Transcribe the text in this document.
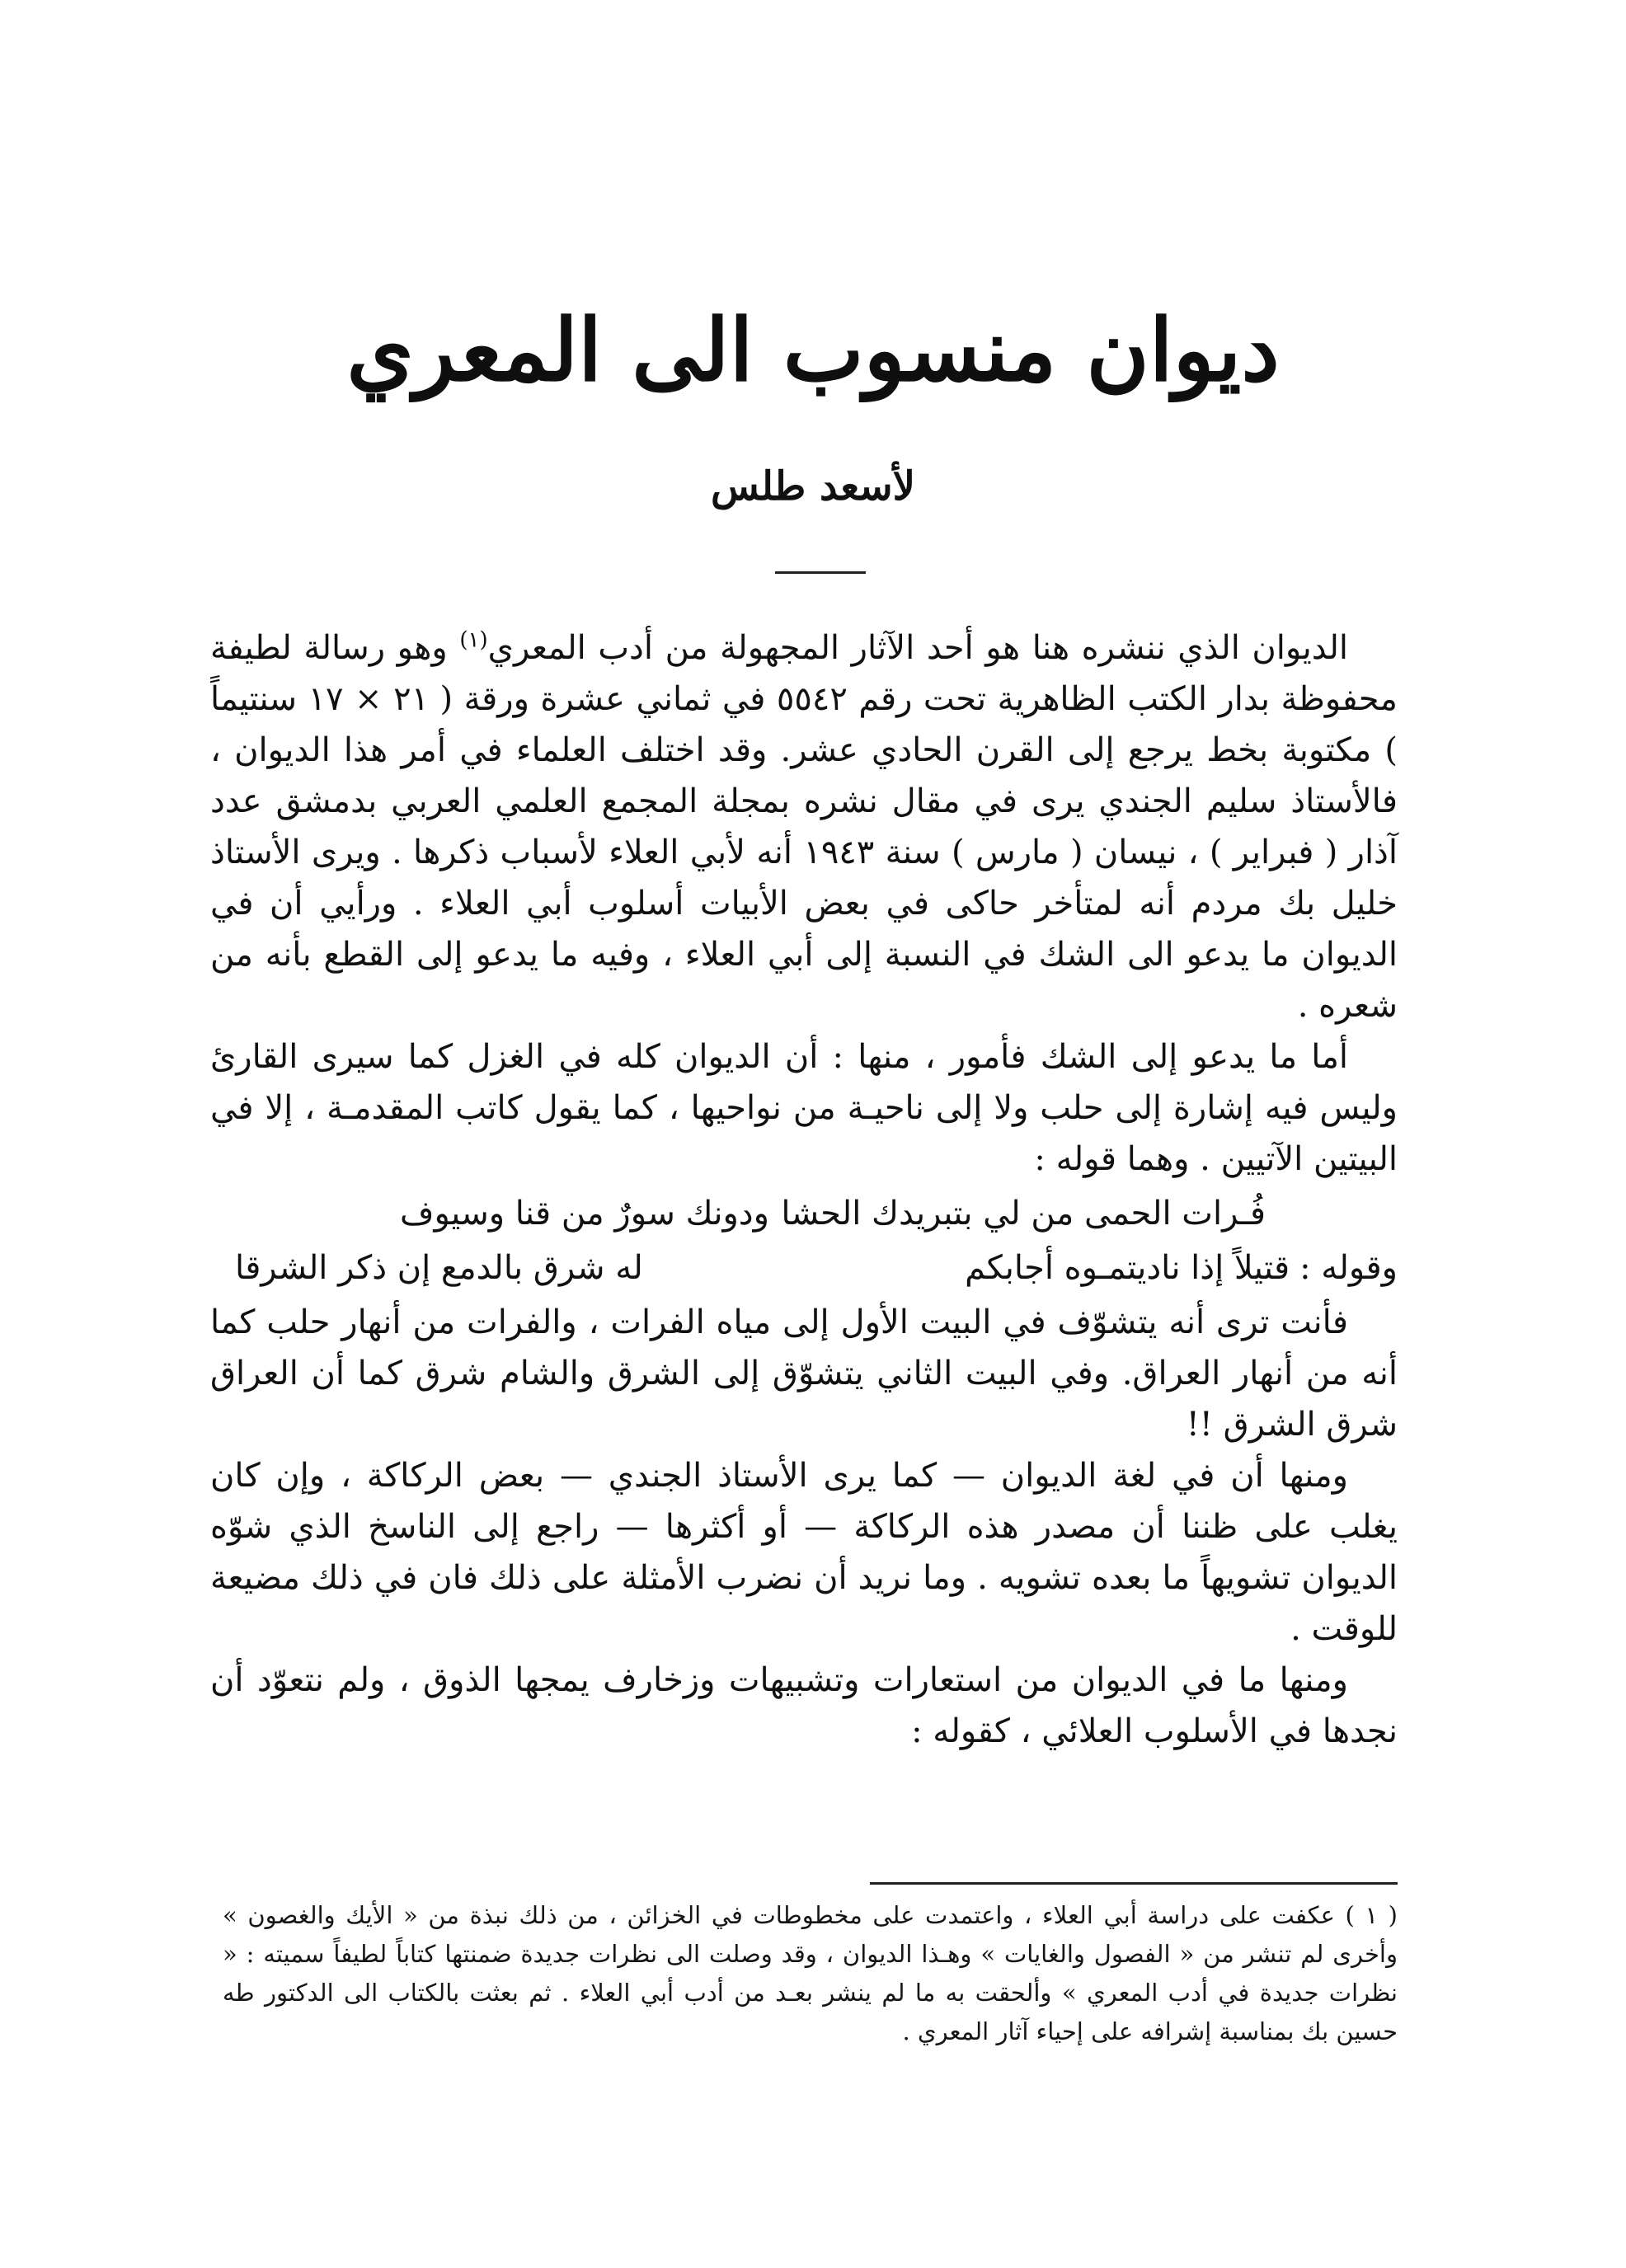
ديوان منسوب الى المعري
لأسعد طلس

الديوان الذي ننشره هنا هو أحد الآثار المجهولة من أدب المعري$^{(١)}$ وهو رسالة لطيفة محفوظة بدار الكتب الظاهرية تحت رقم ٥٥٤٢ في ثماني عشرة ورقة ( ٢١ × ١٧ سنتيماً ) مكتوبة بخط يرجع إلى القرن الحادي عشر. وقد اختلف العلماء في أمر هذا الديوان ، فالأستاذ سليم الجندي يرى في مقال نشره بمجلة المجمع العلمي العربي بدمشق عدد آذار ( فبراير ) ، نيسان ( مارس ) سنة ١٩٤٣ أنه لأبي العلاء لأسباب ذكرها . ويرى الأستاذ خليل بك مردم أنه لمتأخر حاكى في بعض الأبيات أسلوب أبي العلاء . ورأيي أن في الديوان ما يدعو الى الشك في النسبة إلى أبي العلاء ، وفيه ما يدعو إلى القطع بأنه من شعره .

أما ما يدعو إلى الشك فأمور ، منها : أن الديوان كله في الغزل كما سيرى القارئ وليس فيه إشارة إلى حلب ولا إلى ناحيـة من نواحيها ، كما يقول كاتب المقدمـة ، إلا في البيتين الآتيين . وهما قوله :

فُـرات الحمى من لي بتبريدك الحشا
ودونك سورٌ من قنا وسيوف
وقوله :قتيلاً إذا ناديتمـوه أجابكم
له شرق بالدمع إن ذكر الشرقا

فأنت ترى أنه يتشوّف في البيت الأول إلى مياه الفرات ، والفرات من أنهار حلب كما أنه من أنهار العراق. وفي البيت الثاني يتشوّق إلى الشرق والشام شرق كما أن العراق شرق الشرق !!

ومنها أن في لغة الديوان — كما يرى الأستاذ الجندي — بعض الركاكة ، وإن كان يغلب على ظننا أن مصدر هذه الركاكة — أو أكثرها — راجع إلى الناسخ الذي شوّه الديوان تشويهاً ما بعده تشويه . وما نريد أن نضرب الأمثلة على ذلك فان في ذلك مضيعة للوقت .

ومنها ما في الديوان من استعارات وتشبيهات وزخارف يمجها الذوق ، ولم نتعوّد أن نجدها في الأسلوب العلائي ، كقوله :

( ١ ) عكفت على دراسة أبي العلاء ، واعتمدت على مخطوطات في الخزائن ، من ذلك نبذة من « الأيك والغصون » وأخرى لم تنشر من « الفصول والغايات » وهـذا الديوان ، وقد وصلت الى نظرات جديدة ضمنتها كتاباً لطيفاً سميته : « نظرات جديدة في أدب المعري » وألحقت به ما لم ينشر بعـد من أدب أبي العلاء . ثم بعثت بالكتاب الى الدكتور طه حسين بك بمناسبة إشرافه على إحياء آثار المعري .
